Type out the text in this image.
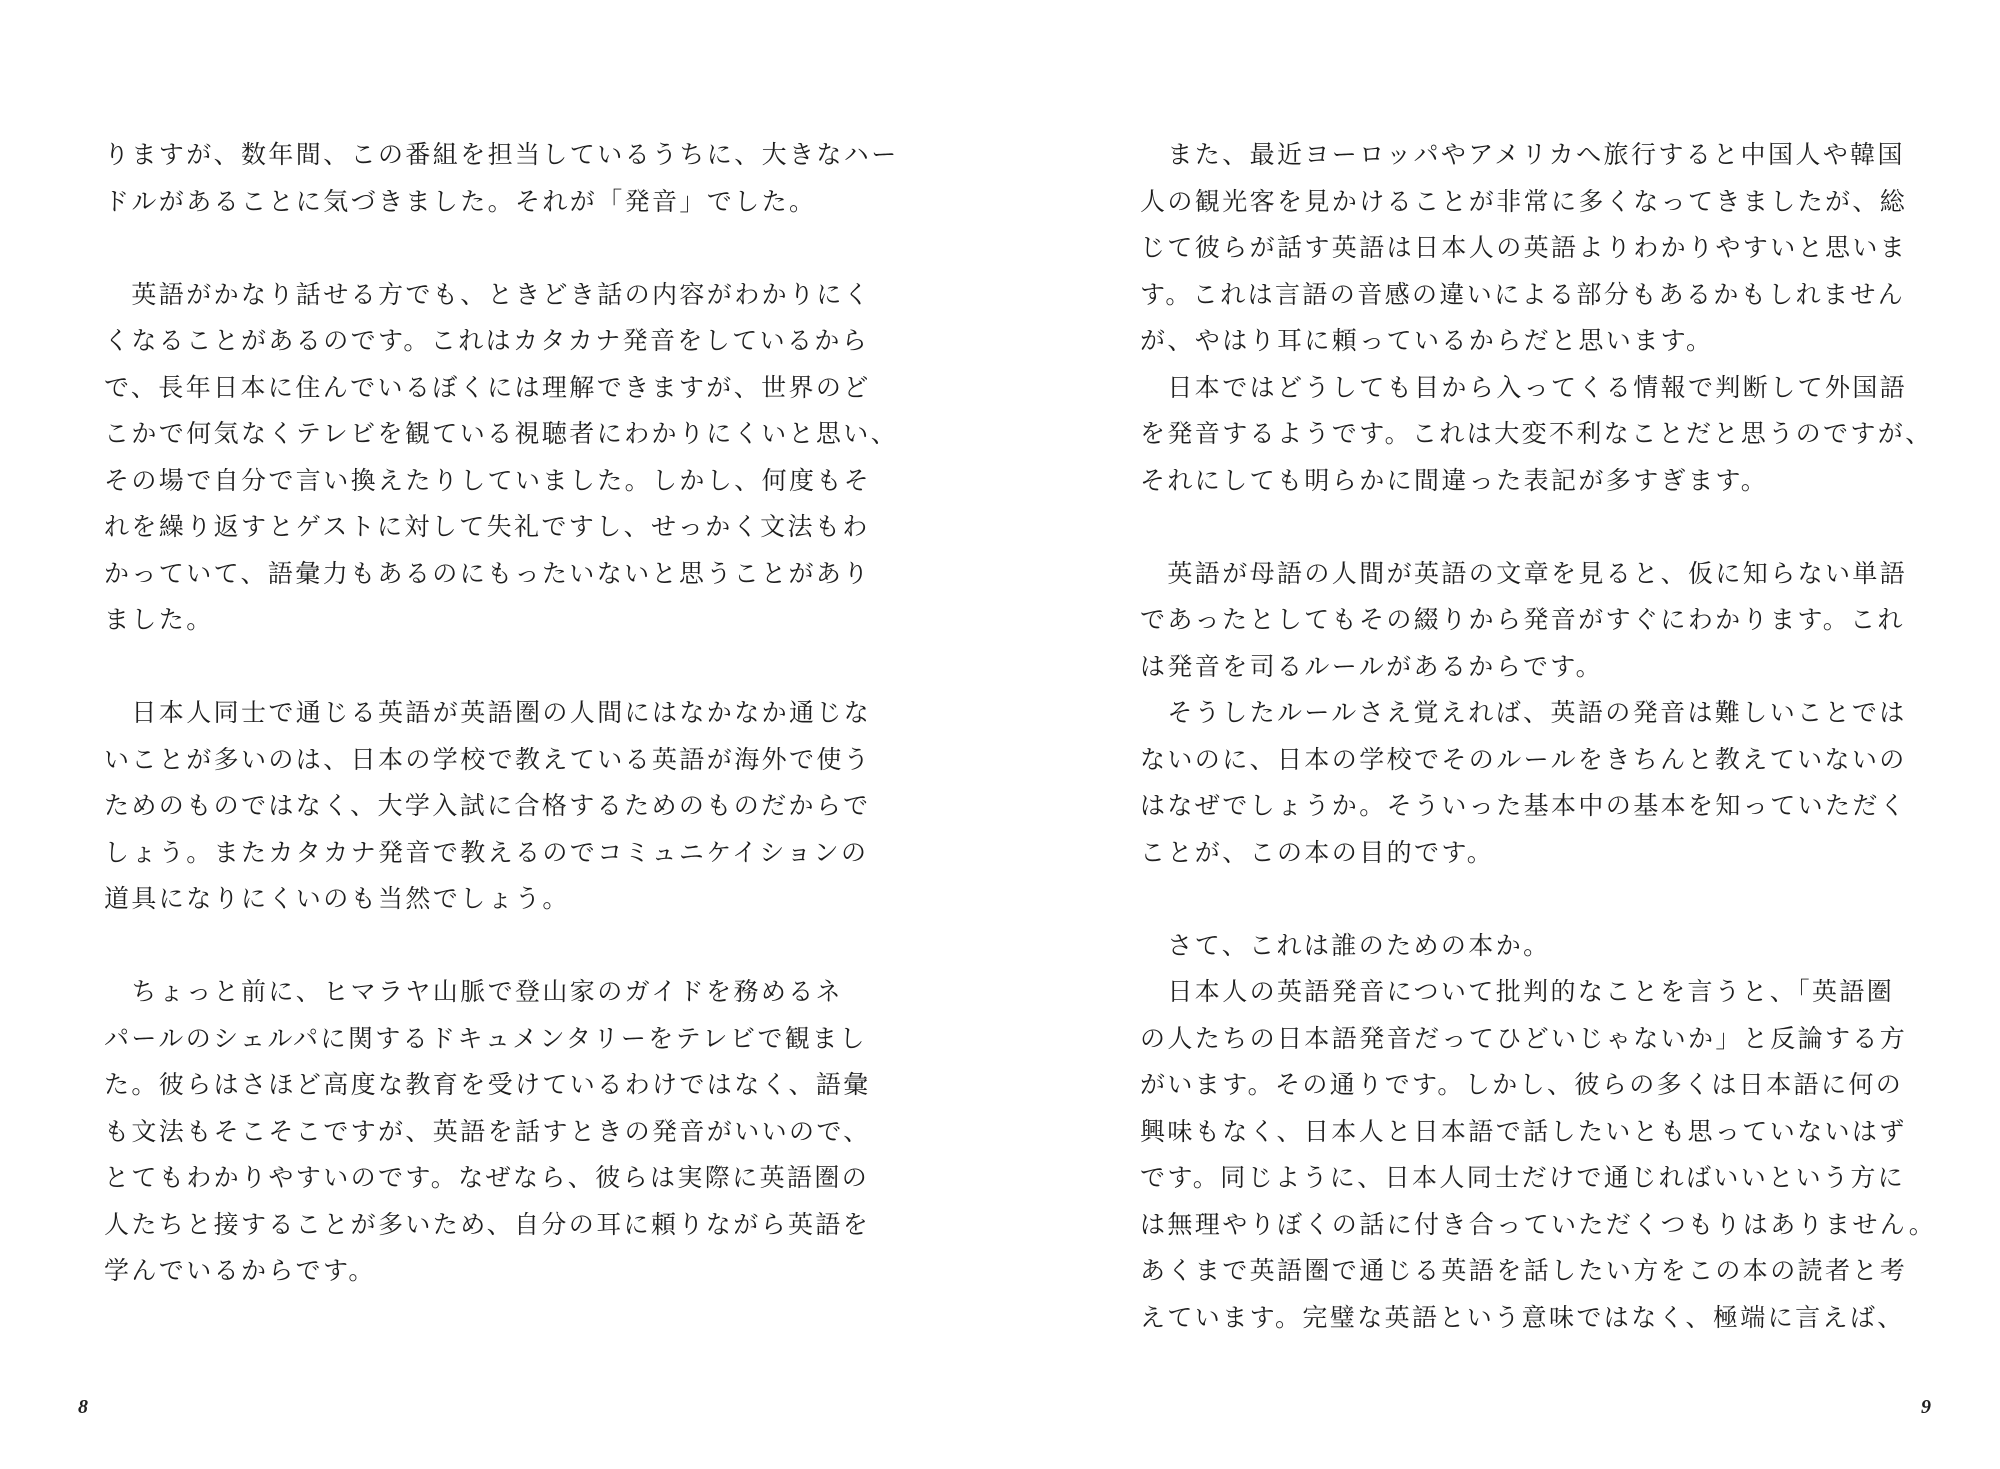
りますが、数年間、この番組を担当しているうちに、大きなハー
ドルがあることに気づきました。それが「発音」でした。
　英語がかなり話せる方でも、ときどき話の内容がわかりにく
くなることがあるのです。これはカタカナ発音をしているから
で、長年日本に住んでいるぼくには理解できますが、世界のど
こかで何気なくテレビを観ている視聴者にわかりにくいと思い、
その場で自分で言い換えたりしていました。しかし、何度もそ
れを繰り返すとゲストに対して失礼ですし、せっかく文法もわ
かっていて、語彙力もあるのにもったいないと思うことがあり
ました。
　日本人同士で通じる英語が英語圏の人間にはなかなか通じな
いことが多いのは、日本の学校で教えている英語が海外で使う
ためのものではなく、大学入試に合格するためのものだからで
しょう。またカタカナ発音で教えるのでコミュニケイションの
道具になりにくいのも当然でしょう。
　ちょっと前に、ヒマラヤ山脈で登山家のガイドを務めるネ
パールのシェルパに関するドキュメンタリーをテレビで観まし
た。彼らはさほど高度な教育を受けているわけではなく、語彙
も文法もそこそこですが、英語を話すときの発音がいいので、
とてもわかりやすいのです。なぜなら、彼らは実際に英語圏の
人たちと接することが多いため、自分の耳に頼りながら英語を
学んでいるからです。
8
　また、最近ヨーロッパやアメリカへ旅行すると中国人や韓国
人の観光客を見かけることが非常に多くなってきましたが、総
じて彼らが話す英語は日本人の英語よりわかりやすいと思いま
す。これは言語の音感の違いによる部分もあるかもしれません
が、やはり耳に頼っているからだと思います。
　日本ではどうしても目から入ってくる情報で判断して外国語
を発音するようです。これは大変不利なことだと思うのですが、
それにしても明らかに間違った表記が多すぎます。
　英語が母語の人間が英語の文章を見ると、仮に知らない単語
であったとしてもその綴りから発音がすぐにわかります。これ
は発音を司るルールがあるからです。
　そうしたルールさえ覚えれば、英語の発音は難しいことでは
ないのに、日本の学校でそのルールをきちんと教えていないの
はなぜでしょうか。そういった基本中の基本を知っていただく
ことが、この本の目的です。
　さて、これは誰のための本か。
　日本人の英語発音について批判的なことを言うと、「英語圏
の人たちの日本語発音だってひどいじゃないか」と反論する方
がいます。その通りです。しかし、彼らの多くは日本語に何の
興味もなく、日本人と日本語で話したいとも思っていないはず
です。同じように、日本人同士だけで通じればいいという方に
は無理やりぼくの話に付き合っていただくつもりはありません。
あくまで英語圏で通じる英語を話したい方をこの本の読者と考
えています。完璧な英語という意味ではなく、極端に言えば、
9
